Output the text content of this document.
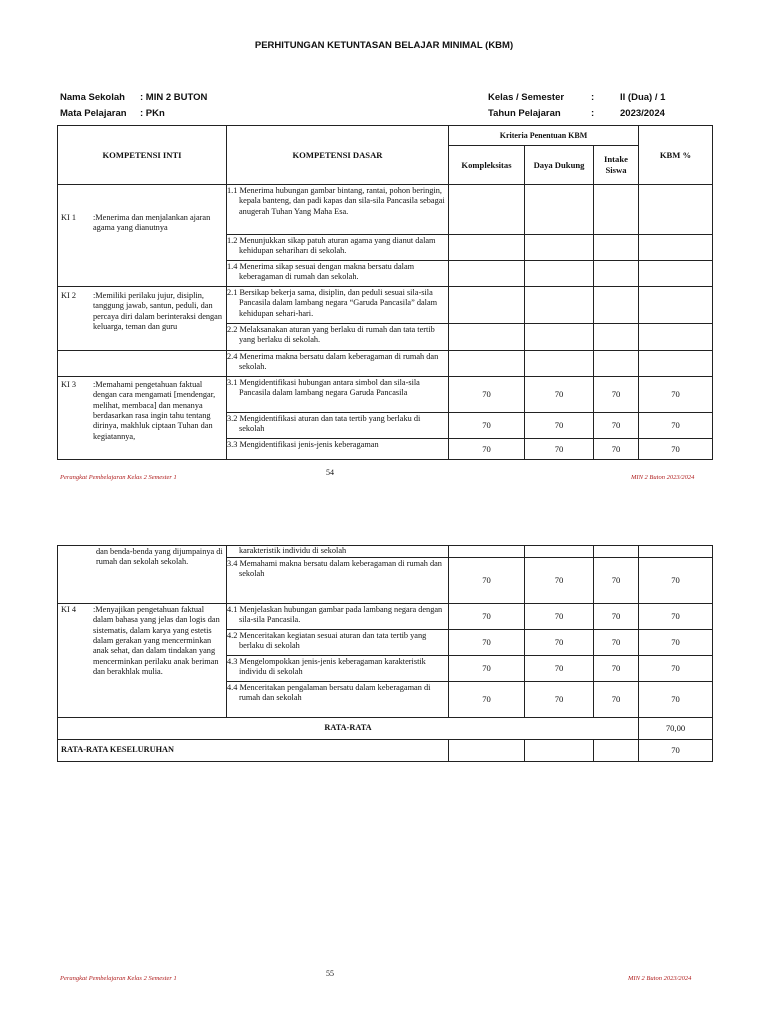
PERHITUNGAN KETUNTASAN BELAJAR MINIMAL (KBM)
Nama Sekolah : MIN 2 BUTON
Mata Pelajaran : PKn
Kelas / Semester	:	II (Dua) / 1
Tahun Pelajaran	:	2023/2024
KOMPETENSI INTI	KOMPETENSI DASAR	Kriteria Penentuan KBM			KBM %
		Kompleksitas	Daya Dukung	Intake Siswa	
KI 1 :Menerima dan menjalankan ajaran agama yang dianutnya	1.1 Menerima hubungan gambar bintang, rantai, pohon beringin, kepala banteng, dan padi kapas dan sila-sila Pancasila sebagai anugerah Tuhan Yang Maha Esa.				
	1.2 Menunjukkan sikap patuh aturan agama yang dianut dalam kehidupan sehariharı di sekolah.				
	1.4 Menerima sikap sesuai dengan makna bersatu dalam keberagaman di rumah dan sekolah.				
KI 2 :Memiliki perilaku jujur, disiplin, tanggung jawab, santun, peduli, dan percaya diri dalam berinteraksi dengan keluarga, teman dan guru	2.1 Bersikap bekerja sama, disiplin, dan peduli sesuai sila-sila Pancasila dalam lambang negara “Garuda Pancasila” dalam kehidupan sehari-hari.				
	2.2 Melaksanakan aturan yang berlaku di rumah dan tata tertib yang berlaku di sekolah.				
	2.4 Menerima makna bersatu dalam keberagaman di rumah dan sekolah.				
KI 3 :Memahami pengetahuan faktual dengan cara mengamati [mendengar, melihat, membaca] dan menanya berdasarkan rasa ingin tahu tentang dirinya, makhluk ciptaan Tuhan dan kegiatannya,	3.1 Mengidentifikasi hubungan antara simbol dan sila-sila Pancasila dalam lambang negara Garuda Pancasila	70	70	70	70
	3.2 Mengidentifikasi aturan dan tata tertib yang berlaku di sekolah	70	70	70	70
	3.3 Mengidentifikasi jenis-jenis keberagaman	70	70	70	70
Perangkat Pembelajaran Kelas 2 Semester 1
54
MIN 2 Buton 2023/2024
dan benda-benda yang dijumpainya di rumah dan sekolah sekolah.	karakteristik individu di sekolah				
	3.4 Memahami makna bersatu dalam keberagaman di rumah dan sekolah	70	70	70	70
KI 4 :Menyajikan pengetahuan faktual dalam bahasa yang jelas dan logis dan sistematis, dalam karya yang estetis dalam gerakan yang mencerminkan anak sehat, dan dalam tindakan yang mencerminkan perilaku anak beriman dan berakhlak mulia.	4.1 Menjelaskan hubungan gambar pada lambang negara dengan sila-sila Pancasila.	70	70	70	70
	4.2 Menceritakan kegiatan sesuai aturan dan tata tertib yang berlaku di sekolah	70	70	70	70
	4.3 Mengelompokkan jenis-jenis keberagaman karakteristik individu di sekolah	70	70	70	70
	4.4 Menceritakan pengalaman bersatu dalam keberagaman di rumah dan sekolah	70	70	70	70
RATA-RATA					70,00
RATA-RATA KESELURUHAN					70
Perangkat Pembelajaran Kelas 2 Semester 1
55
MIN 2 Buton 2023/2024
